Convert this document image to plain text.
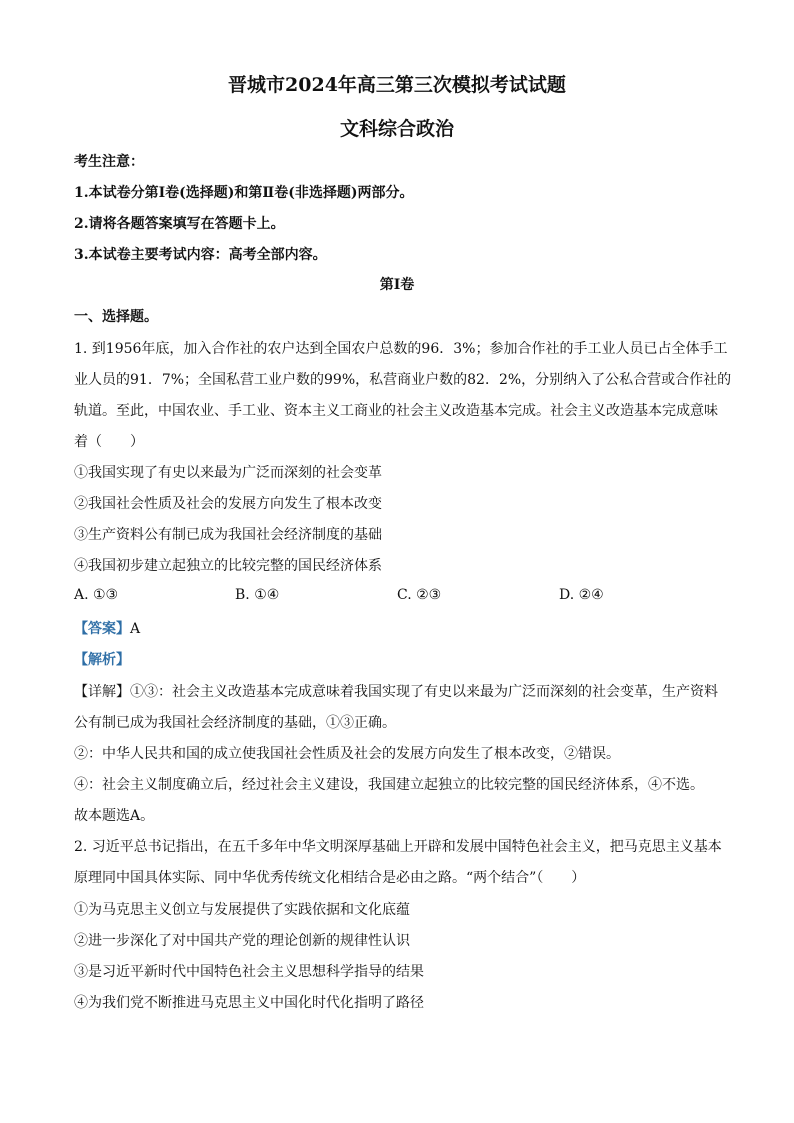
晋城市2024年高三第三次模拟考试试题
文科综合政治
考生注意：
1.本试卷分第Ⅰ卷(选择题)和第Ⅱ卷(非选择题)两部分。
2.请将各题答案填写在答题卡上。
3.本试卷主要考试内容：高考全部内容。
第Ⅰ卷
一、选择题。
1. 到1956年底，加入合作社的农户达到全国农户总数的96．3%；参加合作社的手工业人员已占全体手工
业人员的91．7%；全国私营工业户数的99%，私营商业户数的82．2%，分别纳入了公私合营或合作社的
轨道。至此，中国农业、手工业、资本主义工商业的社会主义改造基本完成。社会主义改造基本完成意味
着（　　）
①我国实现了有史以来最为广泛而深刻的社会变革
②我国社会性质及社会的发展方向发生了根本改变
③生产资料公有制已成为我国社会经济制度的基础
④我国初步建立起独立的比较完整的国民经济体系
A. ①③	B. ①④	C. ②③	D. ②④
【答案】A
【解析】
【详解】①③：社会主义改造基本完成意味着我国实现了有史以来最为广泛而深刻的社会变革，生产资料
公有制已成为我国社会经济制度的基础，①③正确。
②：中华人民共和国的成立使我国社会性质及社会的发展方向发生了根本改变，②错误。
④：社会主义制度确立后，经过社会主义建设，我国建立起独立的比较完整的国民经济体系，④不选。
故本题选A。
2. 习近平总书记指出，在五千多年中华文明深厚基础上开辟和发展中国特色社会主义，把马克思主义基本
原理同中国具体实际、同中华优秀传统文化相结合是必由之路。“两个结合”（　　）
①为马克思主义创立与发展提供了实践依据和文化底蕴
②进一步深化了对中国共产党的理论创新的规律性认识
③是习近平新时代中国特色社会主义思想科学指导的结果
④为我们党不断推进马克思主义中国化时代化指明了路径
